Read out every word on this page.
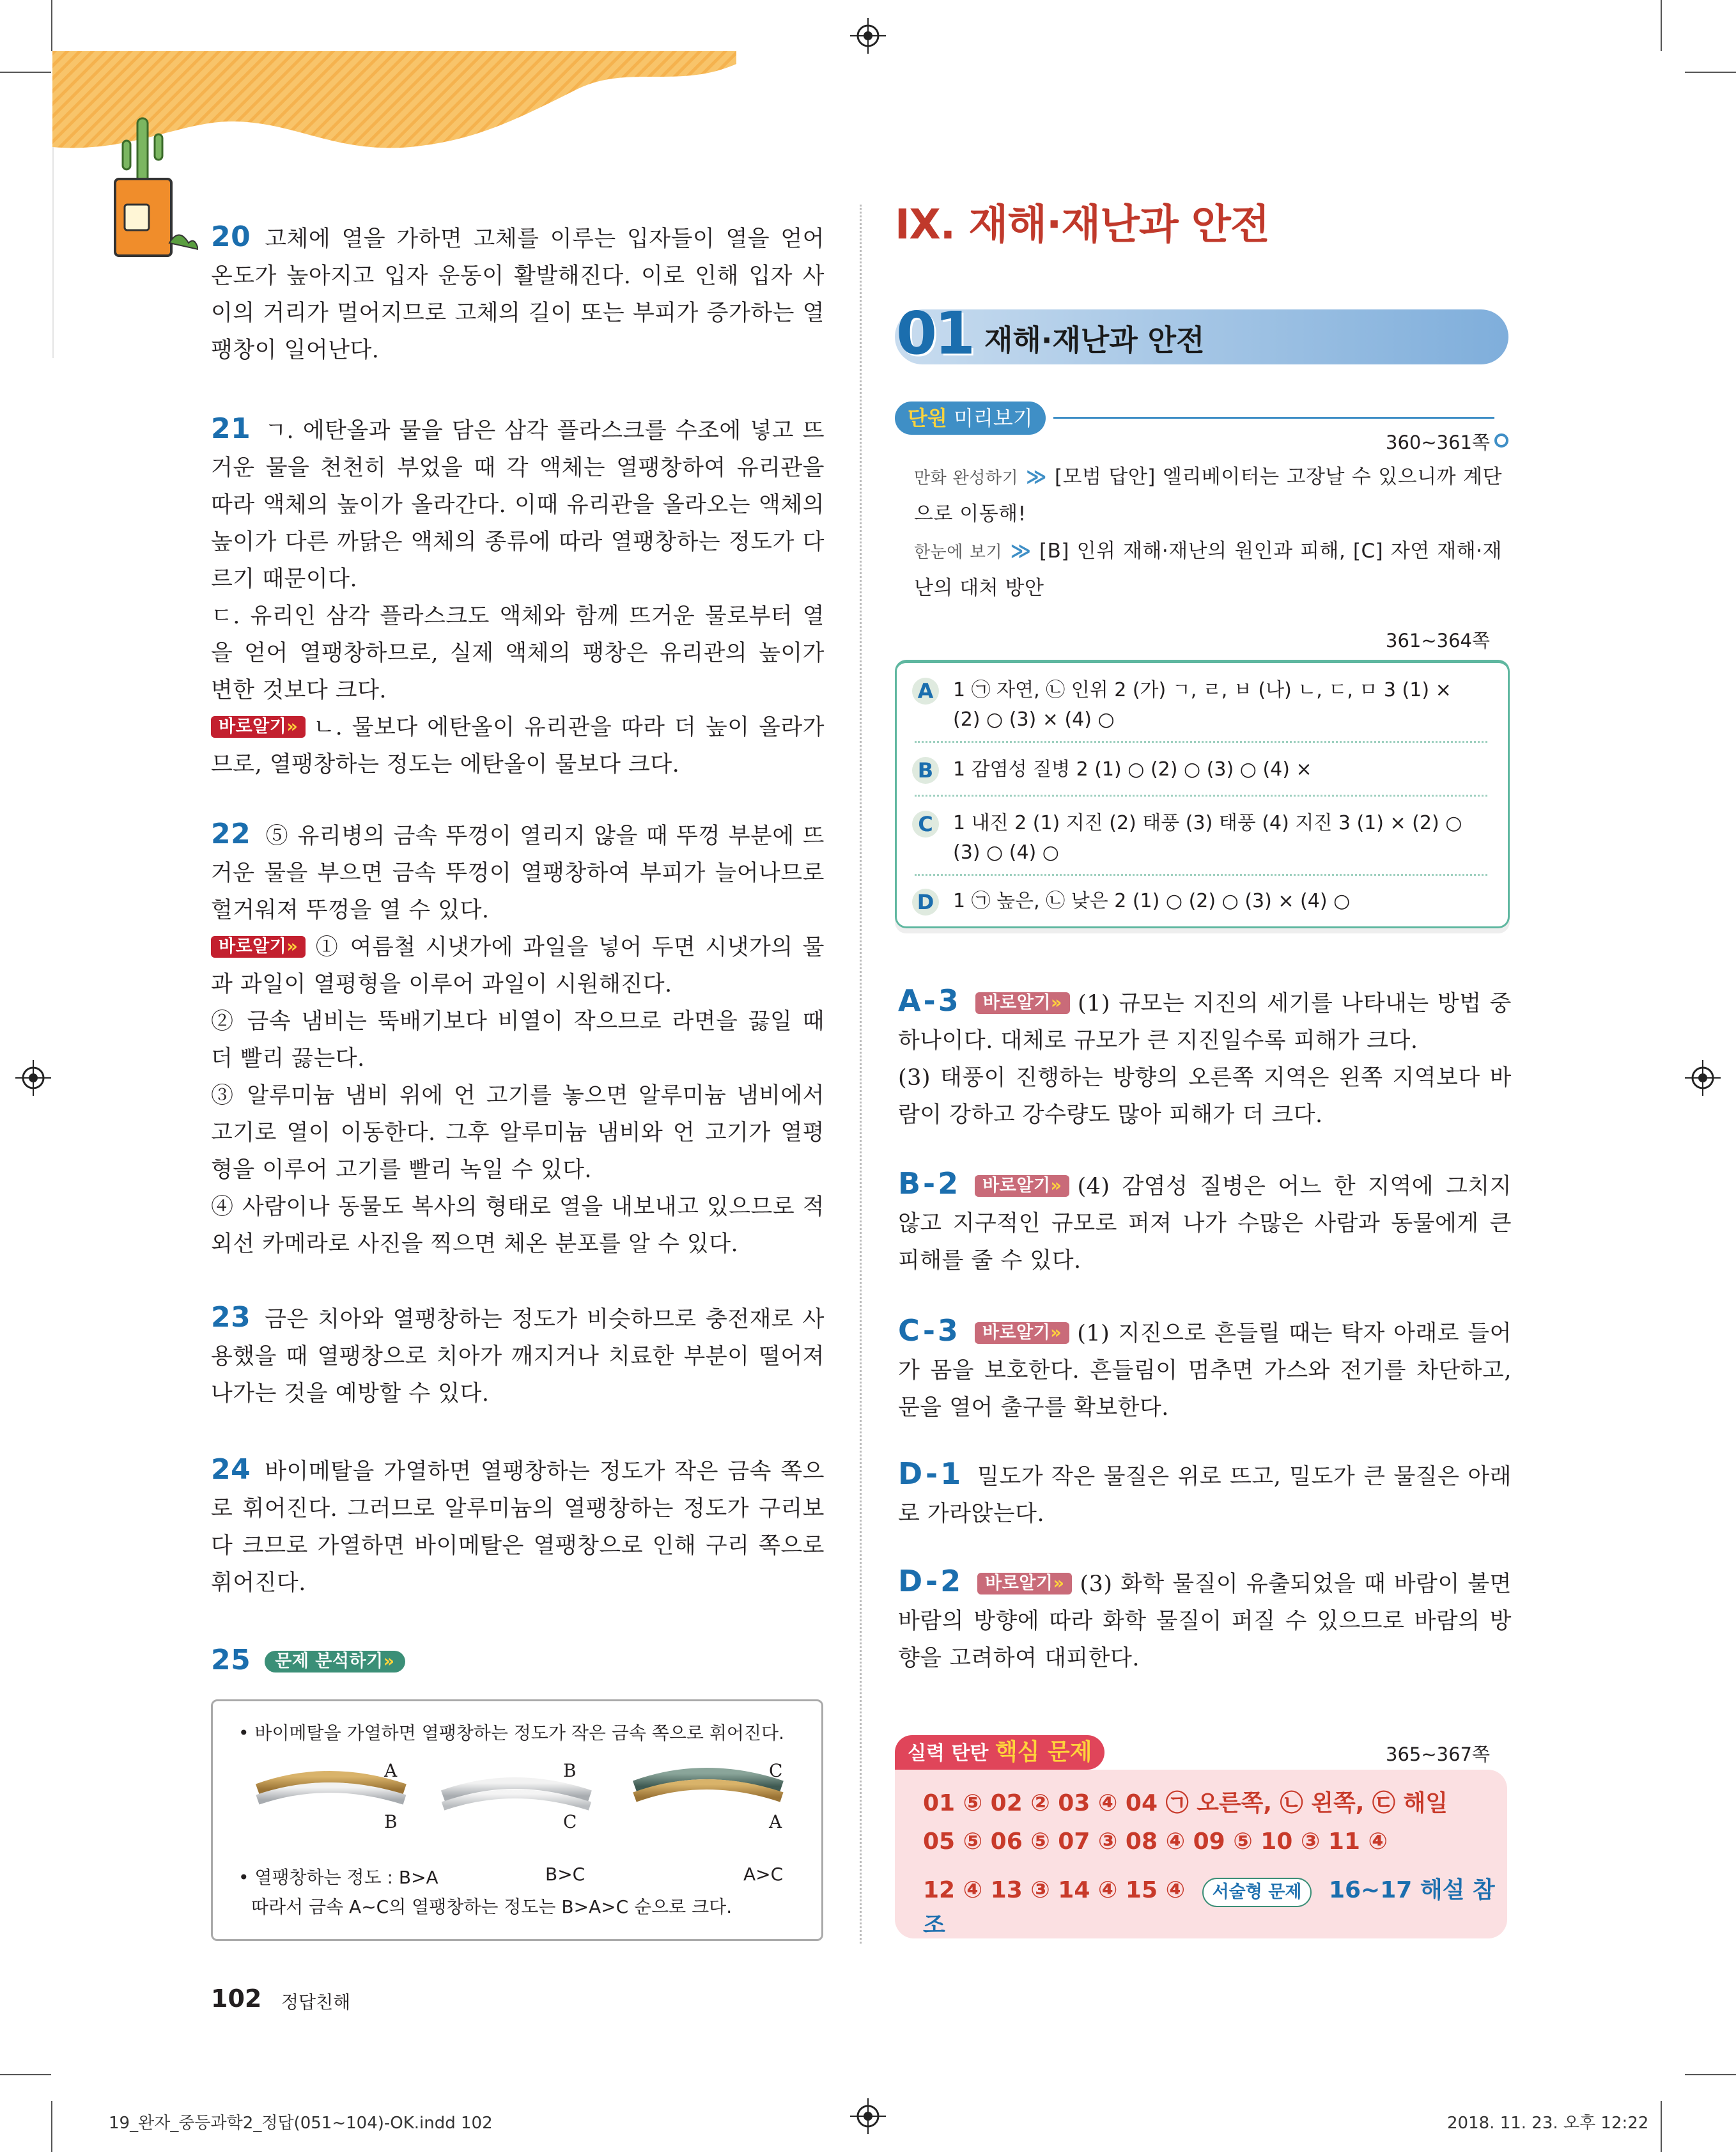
20 고체에 열을 가하면 고체를 이루는 입자들이 열을 얻어 온도가 높아지고 입자 운동이 활발해진다. 이로 인해 입자 사이의 거리가 멀어지므로 고체의 길이 또는 부피가 증가하는 열팽창이 일어난다.

21 ㄱ. 에탄올과 물을 담은 삼각 플라스크를 수조에 넣고 뜨거운 물을 천천히 부었을 때 각 액체는 열팽창하여 유리관을 따라 액체의 높이가 올라간다. 이때 유리관을 올라오는 액체의 높이가 다른 까닭은 액체의 종류에 따라 열팽창하는 정도가 다르기 때문이다.

ㄷ. 유리인 삼각 플라스크도 액체와 함께 뜨거운 물로부터 열을 얻어 열팽창하므로, 실제 액체의 팽창은 유리관의 높이가 변한 것보다 크다.

바로알기» ㄴ. 물보다 에탄올이 유리관을 따라 더 높이 올라가므로, 열팽창하는 정도는 에탄올이 물보다 크다.

22 ⑤ 유리병의 금속 뚜껑이 열리지 않을 때 뚜껑 부분에 뜨거운 물을 부으면 금속 뚜껑이 열팽창하여 부피가 늘어나므로 헐거워져 뚜껑을 열 수 있다.

바로알기» ① 여름철 시냇가에 과일을 넣어 두면 시냇가의 물과 과일이 열평형을 이루어 과일이 시원해진다.

② 금속 냄비는 뚝배기보다 비열이 작으므로 라면을 끓일 때 더 빨리 끓는다.

③ 알루미늄 냄비 위에 언 고기를 놓으면 알루미늄 냄비에서 고기로 열이 이동한다. 그후 알루미늄 냄비와 언 고기가 열평형을 이루어 고기를 빨리 녹일 수 있다.

④ 사람이나 동물도 복사의 형태로 열을 내보내고 있으므로 적외선 카메라로 사진을 찍으면 체온 분포를 알 수 있다.

23 금은 치아와 열팽창하는 정도가 비슷하므로 충전재로 사용했을 때 열팽창으로 치아가 깨지거나 치료한 부분이 떨어져 나가는 것을 예방할 수 있다.

24 바이메탈을 가열하면 열팽창하는 정도가 작은 금속 쪽으로 휘어진다. 그러므로 알루미늄의 열팽창하는 정도가 구리보다 크므로 가열하면 바이메탈은 열팽창으로 인해 구리 쪽으로 휘어진다.

25 문제 분석하기»

• 바이메탈을 가열하면 열팽창하는 정도가 작은 금속 쪽으로 휘어진다.
A
B
B
C
C
A
• 열팽창하는 정도 : B>A	B>C	A>C
따라서 금속 A~C의 열팽창하는 정도는 B>A>C 순으로 크다.
Ⅸ. 재해·재난과 안전
01 재해·재난과 안전
단원 미리보기
360~361쪽
만화 완성하기 ≫ [모범 답안] 엘리베이터는 고장날 수 있으니까 계단으로 이동해!
한눈에 보기 ≫ [B] 인위 재해·재난의 원인과 피해, [C] 자연 재해·재난의 대처 방안
361~364쪽
A 1 ㉠ 자연, ㉡ 인위 2 (가) ㄱ, ㄹ, ㅂ (나) ㄴ, ㄷ, ㅁ 3 (1) ×
(2) ○ (3) × (4) ○
B 1 감염성 질병 2 (1) ○ (2) ○ (3) ○ (4) ×
C 1 내진 2 (1) 지진 (2) 태풍 (3) 태풍 (4) 지진 3 (1) × (2) ○
(3) ○ (4) ○
D 1 ㉠ 높은, ㉡ 낮은 2 (1) ○ (2) ○ (3) × (4) ○

A-3 바로알기» (1) 규모는 지진의 세기를 나타내는 방법 중 하나이다. 대체로 규모가 큰 지진일수록 피해가 크다.

(3) 태풍이 진행하는 방향의 오른쪽 지역은 왼쪽 지역보다 바람이 강하고 강수량도 많아 피해가 더 크다.

B-2 바로알기» (4) 감염성 질병은 어느 한 지역에 그치지 않고 지구적인 규모로 퍼져 나가 수많은 사람과 동물에게 큰 피해를 줄 수 있다.

C-3 바로알기» (1) 지진으로 흔들릴 때는 탁자 아래로 들어가 몸을 보호한다. 흔들림이 멈추면 가스와 전기를 차단하고, 문을 열어 출구를 확보한다.

D-1 밀도가 작은 물질은 위로 뜨고, 밀도가 큰 물질은 아래로 가라앉는다.

D-2 바로알기» (3) 화학 물질이 유출되었을 때 바람이 불면 바람의 방향에 따라 화학 물질이 퍼질 수 있으므로 바람의 방향을 고려하여 대피한다.

실력 탄탄 핵심 문제	365~367쪽
01 ⑤ 02 ② 03 ④ 04 ㉠ 오른쪽, ㉡ 왼쪽, ㉢ 해일
05 ⑤ 06 ⑤ 07 ③ 08 ④ 09 ⑤ 10 ③ 11 ④
12 ④ 13 ③ 14 ④ 15 ④ 서술형 문제 16~17 해설 참조
102 정답친해
19_완자_중등과학2_정답(051~104)-OK.indd 102	2018. 11. 23. 오후 12:22
